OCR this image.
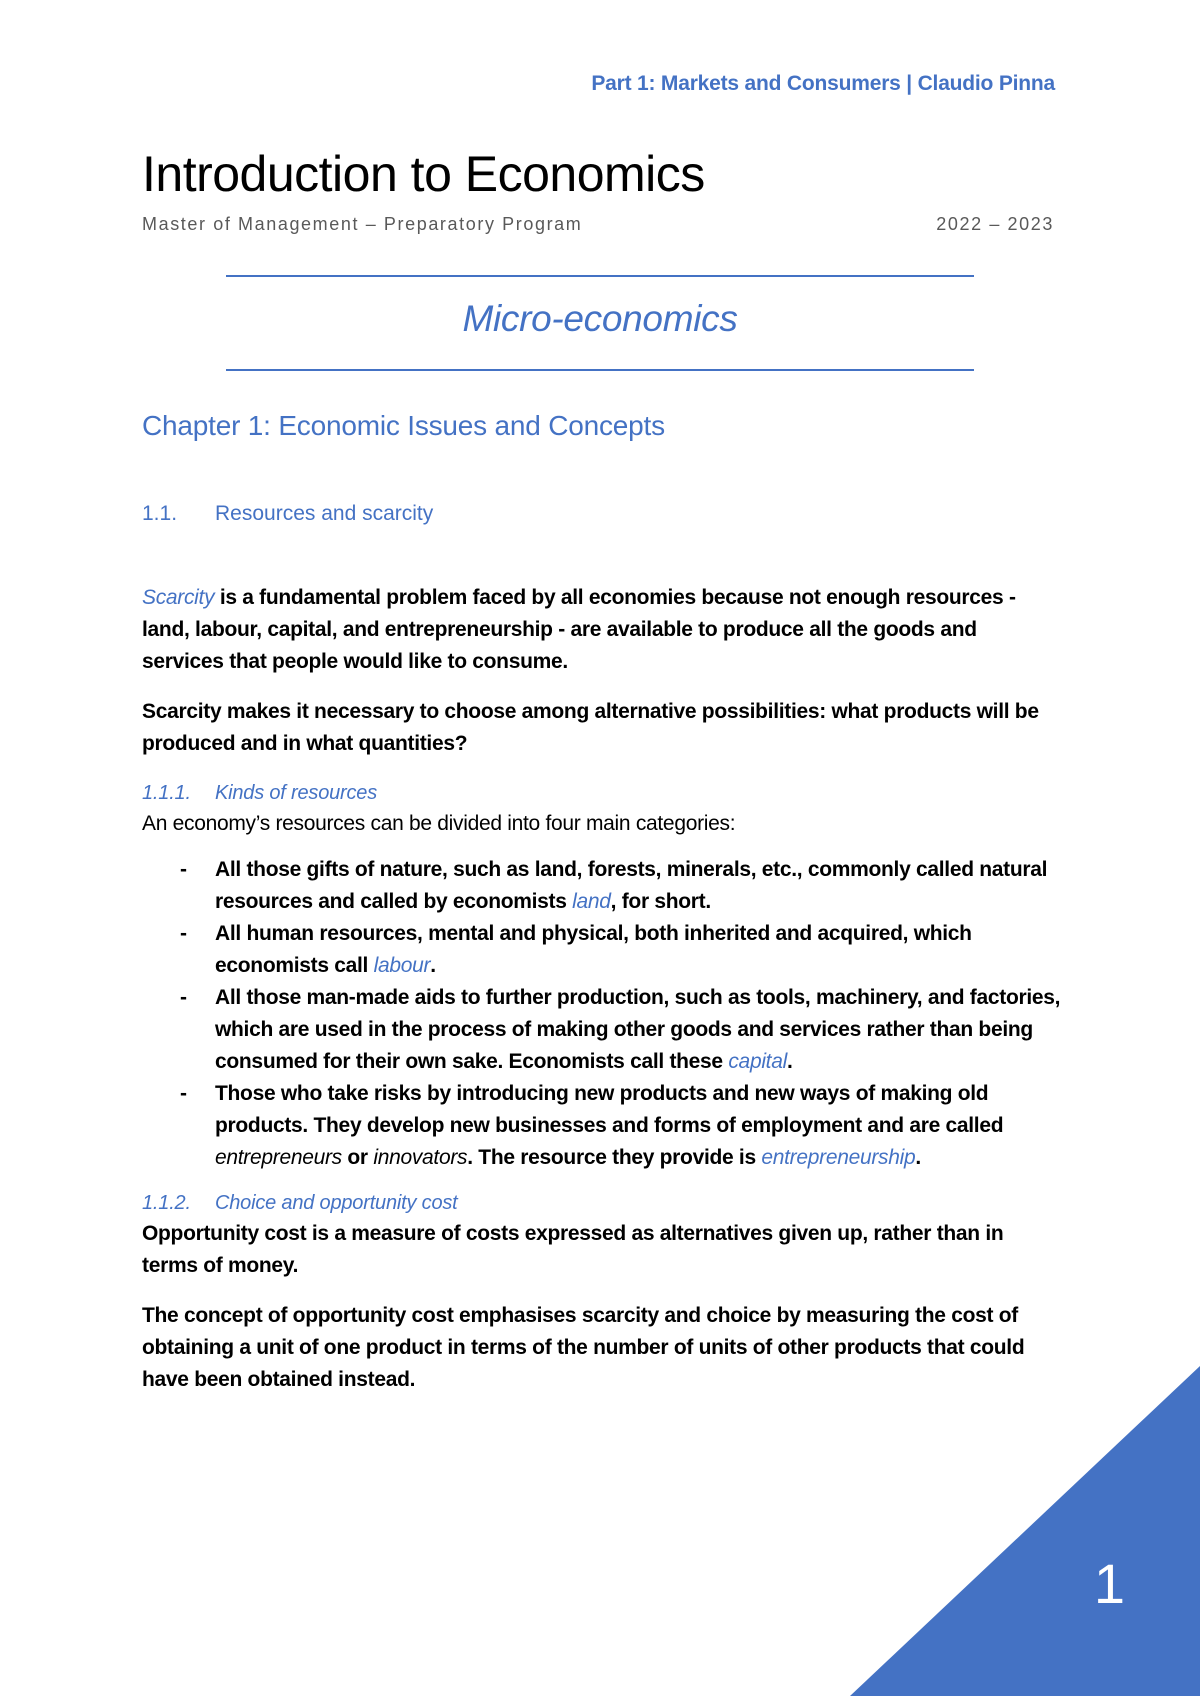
Part 1: Markets and Consumers | Claudio Pinna
Introduction to Economics
Master of Management – Preparatory Program	2022 – 2023
Micro-economics
Chapter 1: Economic Issues and Concepts
1.1. Resources and scarcity

Scarcity is a fundamental problem faced by all economies because not enough resources - land, labour, capital, and entrepreneurship - are available to produce all the goods and services that people would like to consume.

Scarcity makes it necessary to choose among alternative possibilities: what products will be produced and in what quantities?

1.1.1. Kinds of resources

An economy’s resources can be divided into four main categories:

- All those gifts of nature, such as land, forests, minerals, etc., commonly called natural resources and called by economists land, for short.
- All human resources, mental and physical, both inherited and acquired, which economists call labour.
- All those man-made aids to further production, such as tools, machinery, and factories, which are used in the process of making other goods and services rather than being consumed for their own sake. Economists call these capital.
- Those who take risks by introducing new products and new ways of making old products. They develop new businesses and forms of employment and are called entrepreneurs or innovators. The resource they provide is entrepreneurship.
1.1.2. Choice and opportunity cost

Opportunity cost is a measure of costs expressed as alternatives given up, rather than in terms of money.

The concept of opportunity cost emphasises scarcity and choice by measuring the cost of obtaining a unit of one product in terms of the number of units of other products that could have been obtained instead.

1
